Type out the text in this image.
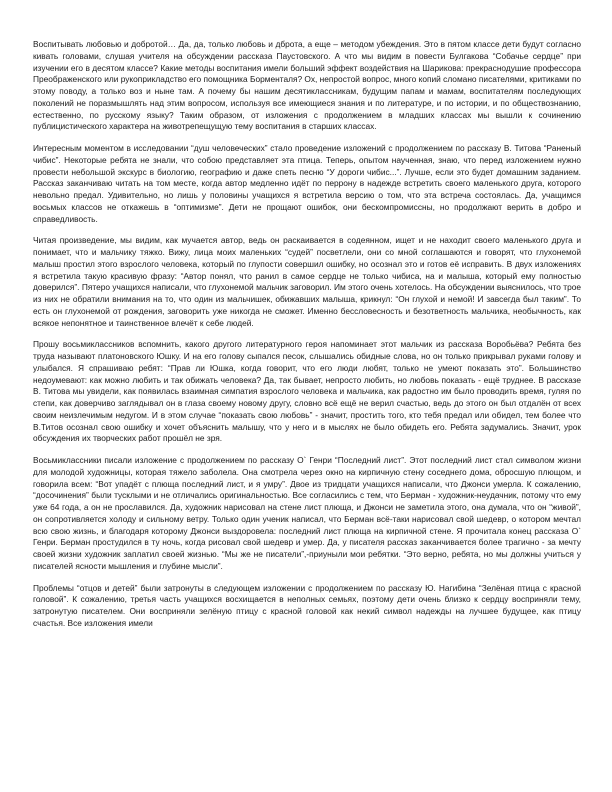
Воспитывать любовью и добротой… Да, да, только любовь и дброта, а еще – методом убеждения. Это в пятом классе дети будут согласно кивать головами, слушая учителя на обсуждении рассказа Паустовского. А что мы видим в повести Булгакова “Собачье сердце” при изучении его в десятом классе? Какие методы воспитания имели больший эффект воздействия на Шарикова: прекраснодушие профессора Преображенского или рукоприкладство его помощника Борменталя? Ох, непростой вопрос, много копий сломано писателями, критиками по этому поводу, а только воз и ныне там. А почему бы нашим десятиклассникам, будущим папам и мамам, воспитателям последующих поколений не поразмышлять над этим вопросом, используя все имеющиеся знания и по литературе, и по истории, и по обществознанию, естественно, по русскому языку? Таким образом, от изложения с продолжением в младших классах мы вышли к сочинению публицистического характера на животрепещущую тему воспитания в старших классах.

Интересным моментом в исследовании “душ человеческих” стало проведение изложений с продолжением по рассказу В. Титова “Раненый чибис”. Некоторые ребята не знали, что собою представляет эта птица. Теперь, опытом наученная, знаю, что перед изложением нужно провести небольшой экскурс в биологию, географию и даже спеть песню “У дороги чибис...”. Лучше, если это будет домашним заданием. Рассказ заканчиваю читать на том месте, когда автор медленно идёт по перрону в надежде встретить своего маленького друга, которого невольно предал. Удивительно, но лишь у половины учащихся я встретила версию о том, что эта встреча состоялась. Да, учащимся восьмых классов не откажешь в “оптимизме”. Дети не прощают ошибок, они бескомпромиссны, но продолжают верить в добро и справедливость.

Читая произведение, мы видим, как мучается автор, ведь он раскаивается в содеянном, ищет и не находит своего маленького друга и понимает, что и мальчику тяжко. Вижу, лица моих маленьких “судей” посветлели, они со мной соглашаются и говорят, что глухонемой малыш простил этого взрослого человека, который по глупости совершил ошибку, но осознал это и готов её исправить. В двух изложениях я встретила такую красивую фразу: “Автор понял, что ранил в самое сердце не только чибиса, на и малыша, который ему полностью доверился”. Пятеро учащихся написали, что глухонемой мальчик заговорил. Им этого очень хотелось. На обсуждении выяснилось, что трое из них не обратили внимания на то, что один из мальчишек, обижавших малыша, крикнул: “Он глухой и немой! И завсегда был таким”. То есть он глухонемой от рождения, заговорить уже никогда не сможет. Именно бессловесность и безответность мальчика, необычность, как всякое непонятное и таинственное влечёт к себе людей.

Прошу восьмиклассников вспомнить, какого другого литературного героя напоминает этот мальчик из рассказа Воробьёва? Ребята без труда называют платоновского Юшку. И на его голову сыпался песок, слышались обидные слова, но он только прикрывал руками голову и улыбался. Я спрашиваю ребят: “Прав ли Юшка, когда говорит, что его люди любят, только не умеют показать это”. Большинство недоумевают: как можно любить и так обижать человека? Да, так бывает, непросто любить, но любовь показать - ещё труднее. В рассказе В. Титова мы увидели, как появилась взаимная симпатия взрослого человека и мальчика, как радостно им было проводить время, гуляя по степи, как доверчиво заглядывал он в глаза своему новому другу, словно всё ещё не верил счастью, ведь до этого он был отдалён от всех своим неизлечимым недугом. И в этом случае “показать свою любовь” - значит, простить того, кто тебя предал или обидел, тем более что В.Титов осознал свою ошибку и хочет объяснить малышу, что у него и в мыслях не было обидеть его. Ребята задумались. Значит, урок обсуждения их творческих работ прошёл не зря.

Восьмиклассники писали изложение с продолжением по рассказу О` Генри “Последний лист”. Этот последний лист стал символом жизни для молодой художницы, которая тяжело заболела. Она смотрела через окно на кирпичную стену соседнего дома, обросшую плющом, и говорила всем: “Вот упадёт с плюща последний лист, и я умру”. Двое из тридцати учащихся написали, что Джонси умерла. К сожалению, “досочинения” были тусклыми и не отличались оригинальностью. Все согласились с тем, что Берман - художник-неудачник, потому что ему уже 64 года, а он не прославился. Да, художник нарисовал на стене лист плюща, и Джонси не заметила этого, она думала, что он “живой”, он сопротивляется холоду и сильному ветру. Только один ученик написал, что Берман всё-таки нарисовал свой шедевр, о котором мечтал всю свою жизнь, и благодаря которому Джонси выздоровела: последний лист плюща на кирпичной стене. Я прочитала конец рассказа О` Генри. Берман простудился в ту ночь, когда рисовал свой шедевр и умер. Да, у писателя рассказ заканчивается более трагично - за мечту своей жизни художник заплатил своей жизнью. “Мы же не писатели”,-приуныли мои ребятки. “Это верно, ребята, но мы должны учиться у писателей ясности мышления и глубине мысли”.

Проблемы “отцов и детей” были затронуты в следующем изложении с продолжением по рассказу Ю. Нагибина “Зелёная птица с красной головой”. К сожалению, третья часть учащихся восхищается в неполных семьях, поэтому дети очень близко к сердцу восприняли тему, затронутую писателем. Они восприняли зелёную птицу с красной головой как некий символ надежды на лучшее будущее, как птицу счастья. Все изложения имели
